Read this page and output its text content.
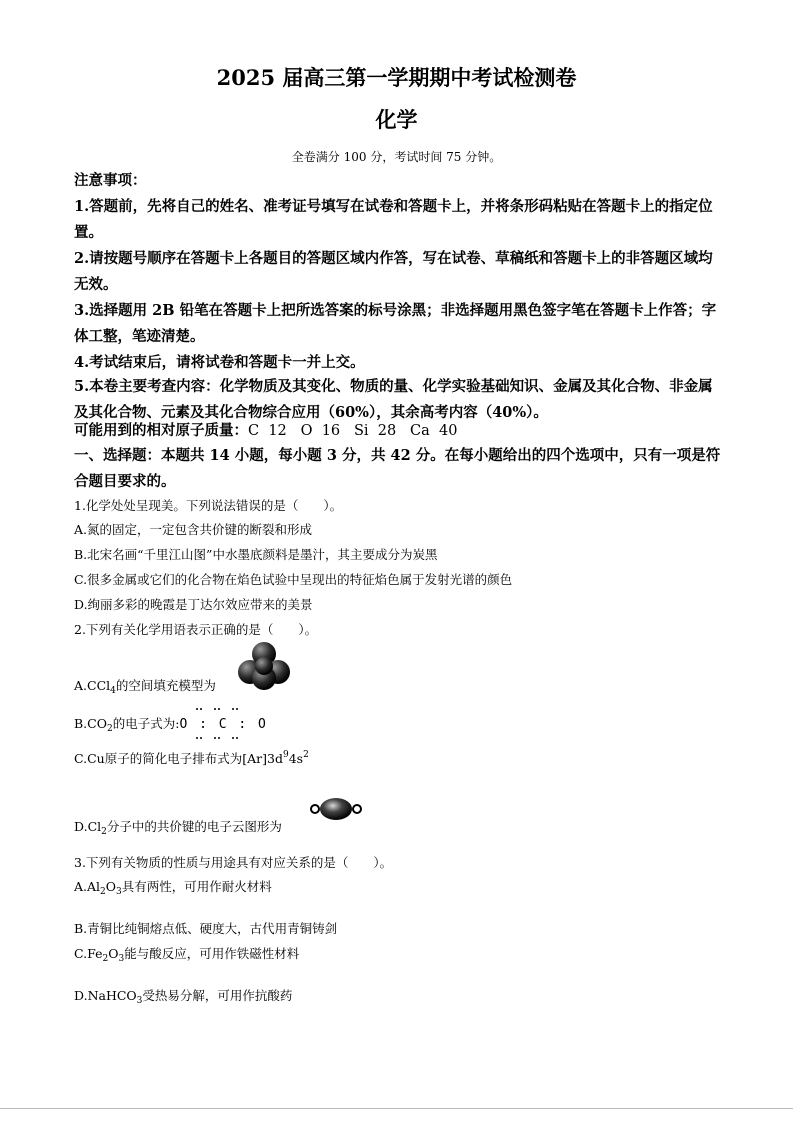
2025 届高三第一学期期中考试检测卷
化学
全卷满分 100 分，考试时间 75 分钟。
注意事项：
1.答题前，先将自己的姓名、准考证号填写在试卷和答题卡上，并将条形码粘贴在答题卡上的指定位置。
2.请按题号顺序在答题卡上各题目的答题区域内作答，写在试卷、草稿纸和答题卡上的非答题区域均无效。
3.选择题用 2B 铅笔在答题卡上把所选答案的标号涂黑；非选择题用黑色签字笔在答题卡上作答；字体工整，笔迹清楚。
4.考试结束后，请将试卷和答题卡一并上交。
5.本卷主要考查内容：化学物质及其变化、物质的量、化学实验基础知识、金属及其化合物、非金属及其化合物、元素及其化合物综合应用（60%），其余高考内容（40%）。
可能用到的相对原子质量：C  12   O  16   Si  28   Ca  40
一、选择题：本题共 14 小题，每小题 3 分，共 42 分。在每小题给出的四个选项中，只有一项是符合题目要求的。
1.化学处处呈现美。下列说法错误的是（　　）。
A.氮的固定，一定包含共价键的断裂和形成
B.北宋名画“千里江山图”中水墨底颜料是墨汁，其主要成分为炭黑
C.很多金属或它们的化合物在焰色试验中呈现出的特征焰色属于发射光谱的颜色
D.绚丽多彩的晚霞是丁达尔效应带来的美景
2.下列有关化学用语表示正确的是（　　）。
A.CCl$_4$的空间填充模型为
$B.CO_2$的电子式为:O : C : O
C.Cu原子的简化电子排布式为$[Ar]3d^94s^2$
$D.Cl_2$分子中的共价键的电子云图形为
3.下列有关物质的性质与用途具有对应关系的是（　　）。
$A.Al_2O_3$具有两性，可用作耐火材料
B.青铜比纯铜熔点低、硬度大，古代用青铜铸剑
$C.Fe_2O_3$能与酸反应，可用作铁磁性材料
D.NaHCO$_3$受热易分解，可用作抗酸药
